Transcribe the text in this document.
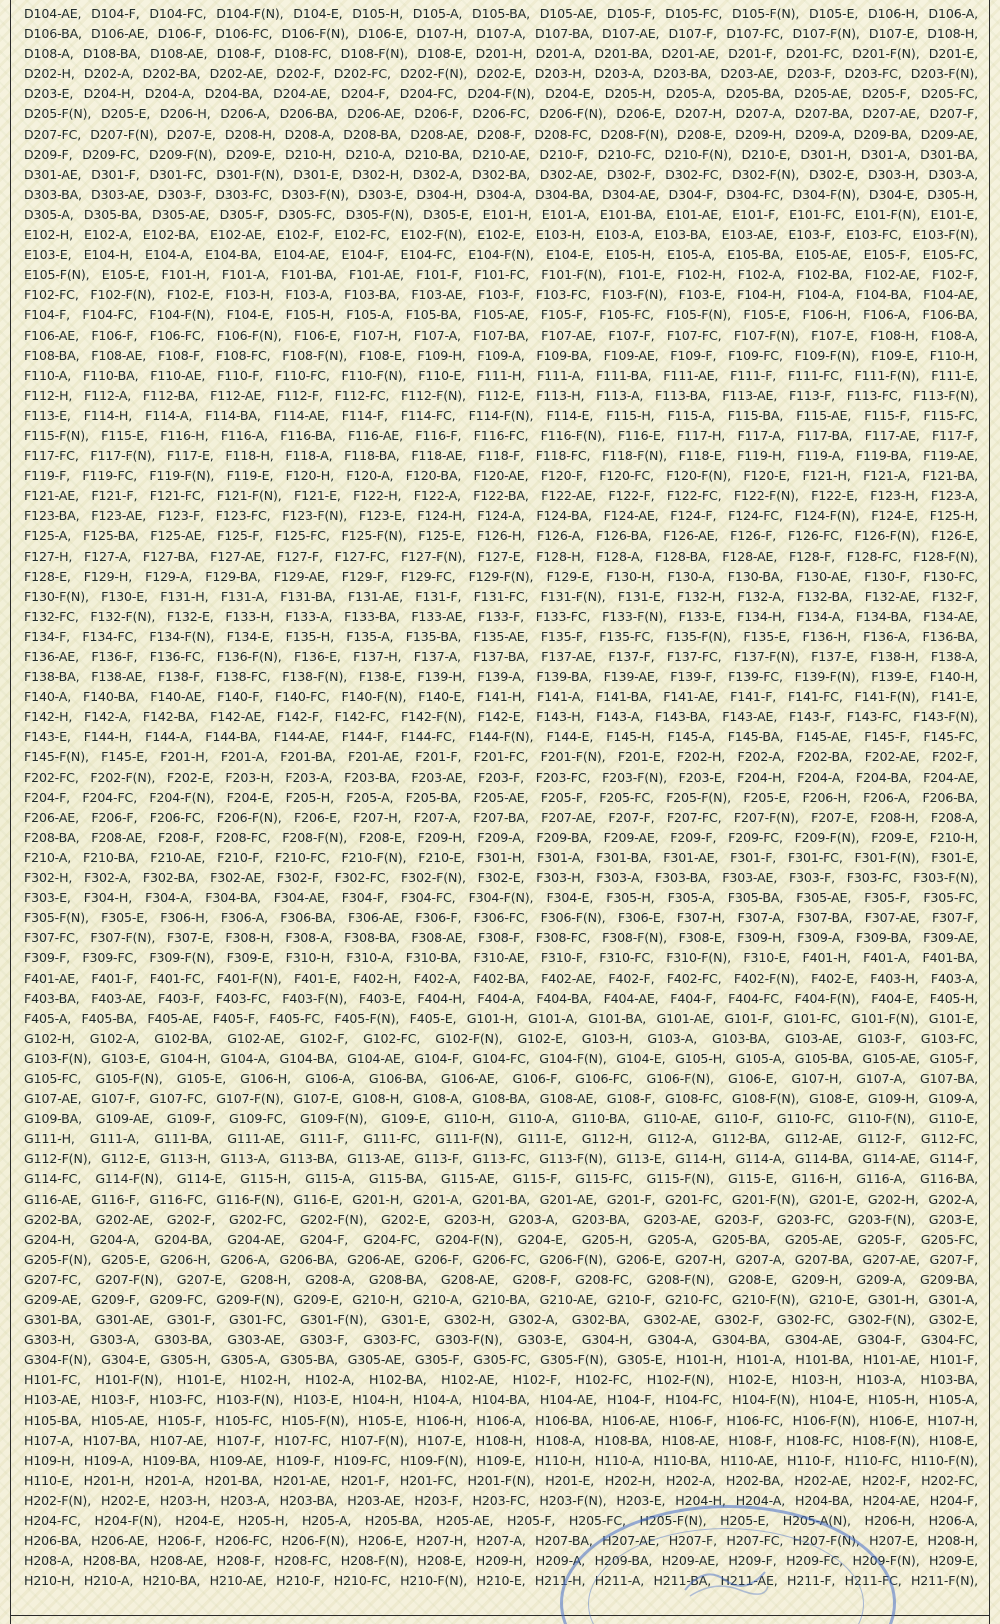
D104-AE, D104-F, D104-FC, D104-F(N), D104-E, D105-H, D105-A, D105-BA, D105-AE, D105-F, D105-FC, D105-F(N), D105-E, D106-H, D106-A,
D106-BA, D106-AE, D106-F, D106-FC, D106-F(N), D106-E, D107-H, D107-A, D107-BA, D107-AE, D107-F, D107-FC, D107-F(N), D107-E, D108-H,
D108-A, D108-BA, D108-AE, D108-F, D108-FC, D108-F(N), D108-E, D201-H, D201-A, D201-BA, D201-AE, D201-F, D201-FC, D201-F(N), D201-E,
D202-H, D202-A, D202-BA, D202-AE, D202-F, D202-FC, D202-F(N), D202-E, D203-H, D203-A, D203-BA, D203-AE, D203-F, D203-FC, D203-F(N),
D203-E, D204-H, D204-A, D204-BA, D204-AE, D204-F, D204-FC, D204-F(N), D204-E, D205-H, D205-A, D205-BA, D205-AE, D205-F, D205-FC,
D205-F(N), D205-E, D206-H, D206-A, D206-BA, D206-AE, D206-F, D206-FC, D206-F(N), D206-E, D207-H, D207-A, D207-BA, D207-AE, D207-F,
D207-FC, D207-F(N), D207-E, D208-H, D208-A, D208-BA, D208-AE, D208-F, D208-FC, D208-F(N), D208-E, D209-H, D209-A, D209-BA, D209-AE,
D209-F, D209-FC, D209-F(N), D209-E, D210-H, D210-A, D210-BA, D210-AE, D210-F, D210-FC, D210-F(N), D210-E, D301-H, D301-A, D301-BA,
D301-AE, D301-F, D301-FC, D301-F(N), D301-E, D302-H, D302-A, D302-BA, D302-AE, D302-F, D302-FC, D302-F(N), D302-E, D303-H, D303-A,
D303-BA, D303-AE, D303-F, D303-FC, D303-F(N), D303-E, D304-H, D304-A, D304-BA, D304-AE, D304-F, D304-FC, D304-F(N), D304-E, D305-H,
D305-A, D305-BA, D305-AE, D305-F, D305-FC, D305-F(N), D305-E, E101-H, E101-A, E101-BA, E101-AE, E101-F, E101-FC, E101-F(N), E101-E,
E102-H, E102-A, E102-BA, E102-AE, E102-F, E102-FC, E102-F(N), E102-E, E103-H, E103-A, E103-BA, E103-AE, E103-F, E103-FC, E103-F(N),
E103-E, E104-H, E104-A, E104-BA, E104-AE, E104-F, E104-FC, E104-F(N), E104-E, E105-H, E105-A, E105-BA, E105-AE, E105-F, E105-FC,
E105-F(N), E105-E, F101-H, F101-A, F101-BA, F101-AE, F101-F, F101-FC, F101-F(N), F101-E, F102-H, F102-A, F102-BA, F102-AE, F102-F,
F102-FC, F102-F(N), F102-E, F103-H, F103-A, F103-BA, F103-AE, F103-F, F103-FC, F103-F(N), F103-E, F104-H, F104-A, F104-BA, F104-AE,
F104-F, F104-FC, F104-F(N), F104-E, F105-H, F105-A, F105-BA, F105-AE, F105-F, F105-FC, F105-F(N), F105-E, F106-H, F106-A, F106-BA,
F106-AE, F106-F, F106-FC, F106-F(N), F106-E, F107-H, F107-A, F107-BA, F107-AE, F107-F, F107-FC, F107-F(N), F107-E, F108-H, F108-A,
F108-BA, F108-AE, F108-F, F108-FC, F108-F(N), F108-E, F109-H, F109-A, F109-BA, F109-AE, F109-F, F109-FC, F109-F(N), F109-E, F110-H,
F110-A, F110-BA, F110-AE, F110-F, F110-FC, F110-F(N), F110-E, F111-H, F111-A, F111-BA, F111-AE, F111-F, F111-FC, F111-F(N), F111-E,
F112-H, F112-A, F112-BA, F112-AE, F112-F, F112-FC, F112-F(N), F112-E, F113-H, F113-A, F113-BA, F113-AE, F113-F, F113-FC, F113-F(N),
F113-E, F114-H, F114-A, F114-BA, F114-AE, F114-F, F114-FC, F114-F(N), F114-E, F115-H, F115-A, F115-BA, F115-AE, F115-F, F115-FC,
F115-F(N), F115-E, F116-H, F116-A, F116-BA, F116-AE, F116-F, F116-FC, F116-F(N), F116-E, F117-H, F117-A, F117-BA, F117-AE, F117-F,
F117-FC, F117-F(N), F117-E, F118-H, F118-A, F118-BA, F118-AE, F118-F, F118-FC, F118-F(N), F118-E, F119-H, F119-A, F119-BA, F119-AE,
F119-F, F119-FC, F119-F(N), F119-E, F120-H, F120-A, F120-BA, F120-AE, F120-F, F120-FC, F120-F(N), F120-E, F121-H, F121-A, F121-BA,
F121-AE, F121-F, F121-FC, F121-F(N), F121-E, F122-H, F122-A, F122-BA, F122-AE, F122-F, F122-FC, F122-F(N), F122-E, F123-H, F123-A,
F123-BA, F123-AE, F123-F, F123-FC, F123-F(N), F123-E, F124-H, F124-A, F124-BA, F124-AE, F124-F, F124-FC, F124-F(N), F124-E, F125-H,
F125-A, F125-BA, F125-AE, F125-F, F125-FC, F125-F(N), F125-E, F126-H, F126-A, F126-BA, F126-AE, F126-F, F126-FC, F126-F(N), F126-E,
F127-H, F127-A, F127-BA, F127-AE, F127-F, F127-FC, F127-F(N), F127-E, F128-H, F128-A, F128-BA, F128-AE, F128-F, F128-FC, F128-F(N),
F128-E, F129-H, F129-A, F129-BA, F129-AE, F129-F, F129-FC, F129-F(N), F129-E, F130-H, F130-A, F130-BA, F130-AE, F130-F, F130-FC,
F130-F(N), F130-E, F131-H, F131-A, F131-BA, F131-AE, F131-F, F131-FC, F131-F(N), F131-E, F132-H, F132-A, F132-BA, F132-AE, F132-F,
F132-FC, F132-F(N), F132-E, F133-H, F133-A, F133-BA, F133-AE, F133-F, F133-FC, F133-F(N), F133-E, F134-H, F134-A, F134-BA, F134-AE,
F134-F, F134-FC, F134-F(N), F134-E, F135-H, F135-A, F135-BA, F135-AE, F135-F, F135-FC, F135-F(N), F135-E, F136-H, F136-A, F136-BA,
F136-AE, F136-F, F136-FC, F136-F(N), F136-E, F137-H, F137-A, F137-BA, F137-AE, F137-F, F137-FC, F137-F(N), F137-E, F138-H, F138-A,
F138-BA, F138-AE, F138-F, F138-FC, F138-F(N), F138-E, F139-H, F139-A, F139-BA, F139-AE, F139-F, F139-FC, F139-F(N), F139-E, F140-H,
F140-A, F140-BA, F140-AE, F140-F, F140-FC, F140-F(N), F140-E, F141-H, F141-A, F141-BA, F141-AE, F141-F, F141-FC, F141-F(N), F141-E,
F142-H, F142-A, F142-BA, F142-AE, F142-F, F142-FC, F142-F(N), F142-E, F143-H, F143-A, F143-BA, F143-AE, F143-F, F143-FC, F143-F(N),
F143-E, F144-H, F144-A, F144-BA, F144-AE, F144-F, F144-FC, F144-F(N), F144-E, F145-H, F145-A, F145-BA, F145-AE, F145-F, F145-FC,
F145-F(N), F145-E, F201-H, F201-A, F201-BA, F201-AE, F201-F, F201-FC, F201-F(N), F201-E, F202-H, F202-A, F202-BA, F202-AE, F202-F,
F202-FC, F202-F(N), F202-E, F203-H, F203-A, F203-BA, F203-AE, F203-F, F203-FC, F203-F(N), F203-E, F204-H, F204-A, F204-BA, F204-AE,
F204-F, F204-FC, F204-F(N), F204-E, F205-H, F205-A, F205-BA, F205-AE, F205-F, F205-FC, F205-F(N), F205-E, F206-H, F206-A, F206-BA,
F206-AE, F206-F, F206-FC, F206-F(N), F206-E, F207-H, F207-A, F207-BA, F207-AE, F207-F, F207-FC, F207-F(N), F207-E, F208-H, F208-A,
F208-BA, F208-AE, F208-F, F208-FC, F208-F(N), F208-E, F209-H, F209-A, F209-BA, F209-AE, F209-F, F209-FC, F209-F(N), F209-E, F210-H,
F210-A, F210-BA, F210-AE, F210-F, F210-FC, F210-F(N), F210-E, F301-H, F301-A, F301-BA, F301-AE, F301-F, F301-FC, F301-F(N), F301-E,
F302-H, F302-A, F302-BA, F302-AE, F302-F, F302-FC, F302-F(N), F302-E, F303-H, F303-A, F303-BA, F303-AE, F303-F, F303-FC, F303-F(N),
F303-E, F304-H, F304-A, F304-BA, F304-AE, F304-F, F304-FC, F304-F(N), F304-E, F305-H, F305-A, F305-BA, F305-AE, F305-F, F305-FC,
F305-F(N), F305-E, F306-H, F306-A, F306-BA, F306-AE, F306-F, F306-FC, F306-F(N), F306-E, F307-H, F307-A, F307-BA, F307-AE, F307-F,
F307-FC, F307-F(N), F307-E, F308-H, F308-A, F308-BA, F308-AE, F308-F, F308-FC, F308-F(N), F308-E, F309-H, F309-A, F309-BA, F309-AE,
F309-F, F309-FC, F309-F(N), F309-E, F310-H, F310-A, F310-BA, F310-AE, F310-F, F310-FC, F310-F(N), F310-E, F401-H, F401-A, F401-BA,
F401-AE, F401-F, F401-FC, F401-F(N), F401-E, F402-H, F402-A, F402-BA, F402-AE, F402-F, F402-FC, F402-F(N), F402-E, F403-H, F403-A,
F403-BA, F403-AE, F403-F, F403-FC, F403-F(N), F403-E, F404-H, F404-A, F404-BA, F404-AE, F404-F, F404-FC, F404-F(N), F404-E, F405-H,
F405-A, F405-BA, F405-AE, F405-F, F405-FC, F405-F(N), F405-E, G101-H, G101-A, G101-BA, G101-AE, G101-F, G101-FC, G101-F(N), G101-E,
G102-H, G102-A, G102-BA, G102-AE, G102-F, G102-FC, G102-F(N), G102-E, G103-H, G103-A, G103-BA, G103-AE, G103-F, G103-FC,
G103-F(N), G103-E, G104-H, G104-A, G104-BA, G104-AE, G104-F, G104-FC, G104-F(N), G104-E, G105-H, G105-A, G105-BA, G105-AE, G105-F,
G105-FC, G105-F(N), G105-E, G106-H, G106-A, G106-BA, G106-AE, G106-F, G106-FC, G106-F(N), G106-E, G107-H, G107-A, G107-BA,
G107-AE, G107-F, G107-FC, G107-F(N), G107-E, G108-H, G108-A, G108-BA, G108-AE, G108-F, G108-FC, G108-F(N), G108-E, G109-H, G109-A,
G109-BA, G109-AE, G109-F, G109-FC, G109-F(N), G109-E, G110-H, G110-A, G110-BA, G110-AE, G110-F, G110-FC, G110-F(N), G110-E,
G111-H, G111-A, G111-BA, G111-AE, G111-F, G111-FC, G111-F(N), G111-E, G112-H, G112-A, G112-BA, G112-AE, G112-F, G112-FC,
G112-F(N), G112-E, G113-H, G113-A, G113-BA, G113-AE, G113-F, G113-FC, G113-F(N), G113-E, G114-H, G114-A, G114-BA, G114-AE, G114-F,
G114-FC, G114-F(N), G114-E, G115-H, G115-A, G115-BA, G115-AE, G115-F, G115-FC, G115-F(N), G115-E, G116-H, G116-A, G116-BA,
G116-AE, G116-F, G116-FC, G116-F(N), G116-E, G201-H, G201-A, G201-BA, G201-AE, G201-F, G201-FC, G201-F(N), G201-E, G202-H, G202-A,
G202-BA, G202-AE, G202-F, G202-FC, G202-F(N), G202-E, G203-H, G203-A, G203-BA, G203-AE, G203-F, G203-FC, G203-F(N), G203-E,
G204-H, G204-A, G204-BA, G204-AE, G204-F, G204-FC, G204-F(N), G204-E, G205-H, G205-A, G205-BA, G205-AE, G205-F, G205-FC,
G205-F(N), G205-E, G206-H, G206-A, G206-BA, G206-AE, G206-F, G206-FC, G206-F(N), G206-E, G207-H, G207-A, G207-BA, G207-AE, G207-F,
G207-FC, G207-F(N), G207-E, G208-H, G208-A, G208-BA, G208-AE, G208-F, G208-FC, G208-F(N), G208-E, G209-H, G209-A, G209-BA,
G209-AE, G209-F, G209-FC, G209-F(N), G209-E, G210-H, G210-A, G210-BA, G210-AE, G210-F, G210-FC, G210-F(N), G210-E, G301-H, G301-A,
G301-BA, G301-AE, G301-F, G301-FC, G301-F(N), G301-E, G302-H, G302-A, G302-BA, G302-AE, G302-F, G302-FC, G302-F(N), G302-E,
G303-H, G303-A, G303-BA, G303-AE, G303-F, G303-FC, G303-F(N), G303-E, G304-H, G304-A, G304-BA, G304-AE, G304-F, G304-FC,
G304-F(N), G304-E, G305-H, G305-A, G305-BA, G305-AE, G305-F, G305-FC, G305-F(N), G305-E, H101-H, H101-A, H101-BA, H101-AE, H101-F,
H101-FC, H101-F(N), H101-E, H102-H, H102-A, H102-BA, H102-AE, H102-F, H102-FC, H102-F(N), H102-E, H103-H, H103-A, H103-BA,
H103-AE, H103-F, H103-FC, H103-F(N), H103-E, H104-H, H104-A, H104-BA, H104-AE, H104-F, H104-FC, H104-F(N), H104-E, H105-H, H105-A,
H105-BA, H105-AE, H105-F, H105-FC, H105-F(N), H105-E, H106-H, H106-A, H106-BA, H106-AE, H106-F, H106-FC, H106-F(N), H106-E, H107-H,
H107-A, H107-BA, H107-AE, H107-F, H107-FC, H107-F(N), H107-E, H108-H, H108-A, H108-BA, H108-AE, H108-F, H108-FC, H108-F(N), H108-E,
H109-H, H109-A, H109-BA, H109-AE, H109-F, H109-FC, H109-F(N), H109-E, H110-H, H110-A, H110-BA, H110-AE, H110-F, H110-FC, H110-F(N),
H110-E, H201-H, H201-A, H201-BA, H201-AE, H201-F, H201-FC, H201-F(N), H201-E, H202-H, H202-A, H202-BA, H202-AE, H202-F, H202-FC,
H202-F(N), H202-E, H203-H, H203-A, H203-BA, H203-AE, H203-F, H203-FC, H203-F(N), H203-E, H204-H, H204-A, H204-BA, H204-AE, H204-F,
H204-FC, H204-F(N), H204-E, H205-H, H205-A, H205-BA, H205-AE, H205-F, H205-FC, H205-F(N), H205-E, H205-A(N), H206-H, H206-A,
H206-BA, H206-AE, H206-F, H206-FC, H206-F(N), H206-E, H207-H, H207-A, H207-BA, H207-AE, H207-F, H207-FC, H207-F(N), H207-E, H208-H,
H208-A, H208-BA, H208-AE, H208-F, H208-FC, H208-F(N), H208-E, H209-H, H209-A, H209-BA, H209-AE, H209-F, H209-FC, H209-F(N), H209-E,
H210-H, H210-A, H210-BA, H210-AE, H210-F, H210-FC, H210-F(N), H210-E, H211-H, H211-A, H211-BA, H211-AE, H211-F, H211-FC, H211-F(N),
